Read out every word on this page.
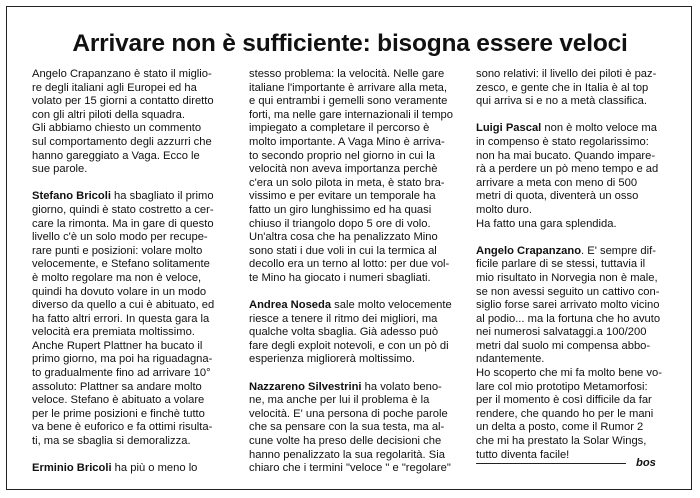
Arrivare non è sufficiente: bisogna essere veloci

Angelo Crapanzano è stato il miglio-

re degli italiani agli Europei ed ha

volato per 15 giorni a contatto diretto

con gli altri piloti della squadra.

Gli abbiamo chiesto un commento

sul comportamento degli azzurri che

hanno gareggiato a Vaga. Ecco le

sue parole.

Stefano Bricoli ha sbagliato il primo

giorno, quindi è stato costretto a cer-

care la rimonta. Ma in gare di questo

livello c'è un solo modo per recupe-

rare punti e posizioni: volare molto

velocemente, e Stefano solitamente

è molto regolare ma non è veloce,

quindi ha dovuto volare in un modo

diverso da quello a cui è abituato, ed

ha fatto altri errori. In questa gara la

velocità era premiata moltissimo.

Anche Rupert Plattner ha bucato il

primo giorno, ma poi ha riguadagna-

to gradualmente fino ad arrivare 10°

assoluto: Plattner sa andare molto

veloce. Stefano è abituato a volare

per le prime posizioni e finchè tutto

va bene è euforico e fa ottimi risulta-

ti, ma se sbaglia si demoralizza.

Erminio Bricoli ha più o meno lo

stesso problema: la velocità. Nelle gare

italiane l'importante è arrivare alla meta,

e qui entrambi i gemelli sono veramente

forti, ma nelle gare internazionali il tempo

impiegato a completare il percorso è

molto importante. A Vaga Mino è arriva-

to secondo proprio nel giorno in cui la

velocità non aveva importanza perchè

c'era un solo pilota in meta, è stato bra-

vissimo e per evitare un temporale ha

fatto un giro lunghissimo ed ha quasi

chiuso il triangolo dopo 5 ore di volo.

Un'altra cosa che ha penalizzato Mino

sono stati i due voli in cui la termica al

decollo era un terno al lotto: per due vol-

te Mino ha giocato i numeri sbagliati.

Andrea Noseda sale molto velocemente

riesce a tenere il ritmo dei migliori, ma

qualche volta sbaglia. Già adesso può

fare degli exploit notevoli, e con un pò di

esperienza migliorerà moltissimo.

Nazzareno Silvestrini ha volato beno-

ne, ma anche per lui il problema è la

velocità. E' una persona di poche parole

che sa pensare con la sua testa, ma al-

cune volte ha preso delle decisioni che

hanno penalizzato la sua regolarità. Sia

chiaro che i termini "veloce " e "regolare"

sono relativi: il livello dei piloti è paz-

zesco, e gente che in Italia è al top

qui arriva si e no a metà classifica.

Luigi Pascal non è molto veloce ma

in compenso è stato regolarissimo:

non ha mai bucato. Quando impare-

rà a perdere un pò meno tempo e ad

arrivare a meta con meno di 500

metri di quota, diventerà un osso

molto duro.

Ha fatto una gara splendida.

Angelo Crapanzano. E' sempre dif-

ficile parlare di se stessi, tuttavia il

mio risultato in Norvegia non è male,

se non avessi seguito un cattivo con-

siglio forse sarei arrivato molto vicino

al podio... ma la fortuna che ho avuto

nei numerosi salvataggi.a 100/200

metri dal suolo mi compensa abbo-

ndantemente.

Ho scoperto che mi fa molto bene vo-

lare col mio prototipo Metamorfosi:

per il momento è così difficile da far

rendere, che quando ho per le mani

un delta a posto, come il Rumor 2

che mi ha prestato la Solar Wings,

tutto diventa facile!

bos
